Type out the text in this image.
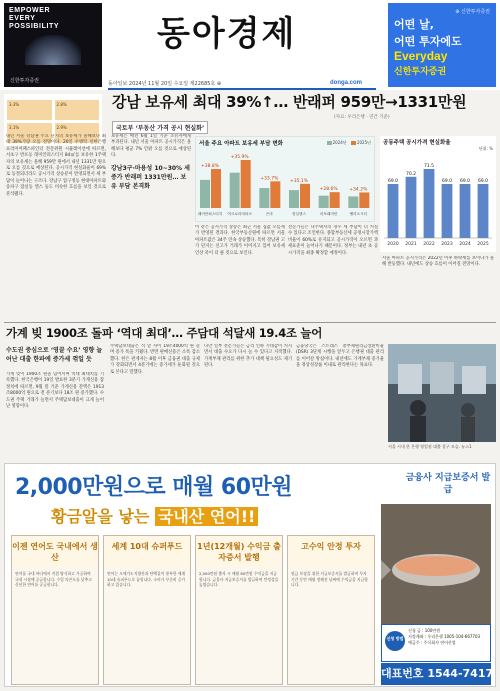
EMPOWER
EVERY
POSSIBILITY
신한투자증권
동아경제
동아일보 2024년 11월 20일 수요일 제22685호 ⊕	donga.com
⊕ 신한투자증권
어떤 날,
어떤 투자에도
Everyday
신한투자증권
3.3%	2.8%
3.1%	2.9%
강남 보유세 최대 39%↑… 반래퍼 959만→1331만원
(자료: 우리은행 · 연간 기준)
국토부 ‘부동산 가격 공시 현실화’
내년 서울 강남권 주요 단지의 보유세가 올해보다 최대 39%가량 오를 전망이다. 20일 우병탁 신한은행 프리미어패스파인더 전문위원 시뮬레이션에 따르면, 서초구 반포동 래미안퍼스티지 84㎡를 보유한 1주택자의 보유세는 올해 959만 원에서 내년 1331만 원으로 오를 것으로 예상된다. 공시가격 현실화율이 69%로 동결되더라도 공시가격 상승분이 반영되면서 세 부담이 늘어나는 구조다. 강남구 압구정동 현대아파트와 송파구 잠실동 엘스 등도 비슷한 흐름을 보일 것으로 분석됐다.
보유세는 매년 6월 1일 기준 소유자에게 부과된다. 내년 서울 아파트 공시가격은 올해보다 평균 7% 안팎 오를 것으로 예상된다.
강남3구·마용성 10~30% 세 증가 반래퍼 1331만원… 보유 부담 본격화
서울 주요 아파트 보유세 부담 변화	2024년	2025년
+38.8%
래미안퍼스티지
+35.9%
아크로리버파크
+33.7%
은마
+35.1%
잠실엘스
+28.6%
마포래미안
+34.2%
헬리오시티
이 같은 공시가격 상승은 최근 서울 집값 오름세가 반영된 결과다. 한국부동산원에 따르면 서울 아파트값은 34주 연속 상승했다. 특히 강남권 고가 단지는 신고가 거래가 이어지고 있어 보유세 인상 폭이 더 클 것으로 보인다.
전문가들은 다주택자의 경우 세 부담이 더 커질 수 있다고 조언한다. 종합부동산세 공정시장가액비율이 60%로 유지되고 공시가격이 오르면 과세표준이 늘어나기 때문이다. 정부는 내년 초 공시가격을 최종 확정할 예정이다.
공동주택 공시가격 현실화율
단위: %
69.0
2020
70.2
2021
71.5
2022
69.0
2023
69.0
2024
69.0
2025
서울 아파트 공시가격은 2022년 이후 하락세를 보이다가 올해 반등했다. 내년에도 상승 흐름이 이어질 전망이다.
가계 빚 1900조 돌파 ‘역대 최대’… 주담대 석달새 19.4조 늘어
수도권 중심으로 ‘영끌 수요’ 영향 늘어난 대출 한파에 증가세 꺾일 듯
가계 빚이 1900조 원을 넘어서며 역대 최대치를 기록했다. 한국은행이 19일 발표한 3분기 가계신용 잠정치에 따르면, 9월 말 기준 가계신용 잔액은 1913조8000억 원으로 전 분기보다 18조 원 증가했다. 수도권 주택 거래가 늘면서 주택담보대출이 크게 늘어난 영향이다.
주택담보대출은 석 달 사이 19조4000억 원 늘며 증가 폭을 키웠다. 반면 판매신용은 소폭 감소했다. 한은 관계자는 8월 이후 금융권 대출 규제가 강화되면서 4분기에는 증가세가 둔화될 것으로 본다고 말했다.
다만 일부 전문가들은 금리 인하 기대감이 커지면서 대출 수요가 다시 늘 수 있다고 지적했다. 가계부채 관리를 위한 추가 대책 필요성도 제기된다.
금융당국은 스트레스 총부채원리금상환비율(DSR) 3단계 시행을 앞두고 은행권 대출 관리를 이어갈 방침이다. 내년에도 가계부채 증가율을 경상성장률 이내로 관리한다는 목표다.
서울 시내 한 은행 영업점 대출 창구 모습. 뉴스1
2,000만원으로 매월 60만원
황금알을 낳는 국내산 연어!!
이젠 연어도 국내에서 생산
연어를 국내 바다에서 직접 양식하고 가공하여 국내 시장에 공급합니다. 수입 의존도를 낮추고 신선한 연어를 공급합니다.
세계 10대 슈퍼푸드
연어는 오메가3 지방산과 단백질이 풍부한 세계 10대 슈퍼푸드로 꼽힙니다. 소비가 꾸준히 증가하고 있습니다.
1년(12개월) 수익금 출자증서 발행
2,000만원 출자 시 매월 60만원 수익금을 지급합니다. 금융사 지급보증서를 발급하여 안정성을 높였습니다.
고수익 안정 투자
원금 보장을 위한 지급보증서를 발급하며 투자 기간 동안 매월 정해진 날짜에 수익금을 지급합니다.
금융사 지급보증서 발급
신청 방법
신청 금 : 100만원
지정계좌 : 우리은행 1005-104-667703
예금주 : 주식회사 연어산업
대표번호 1544-7417
